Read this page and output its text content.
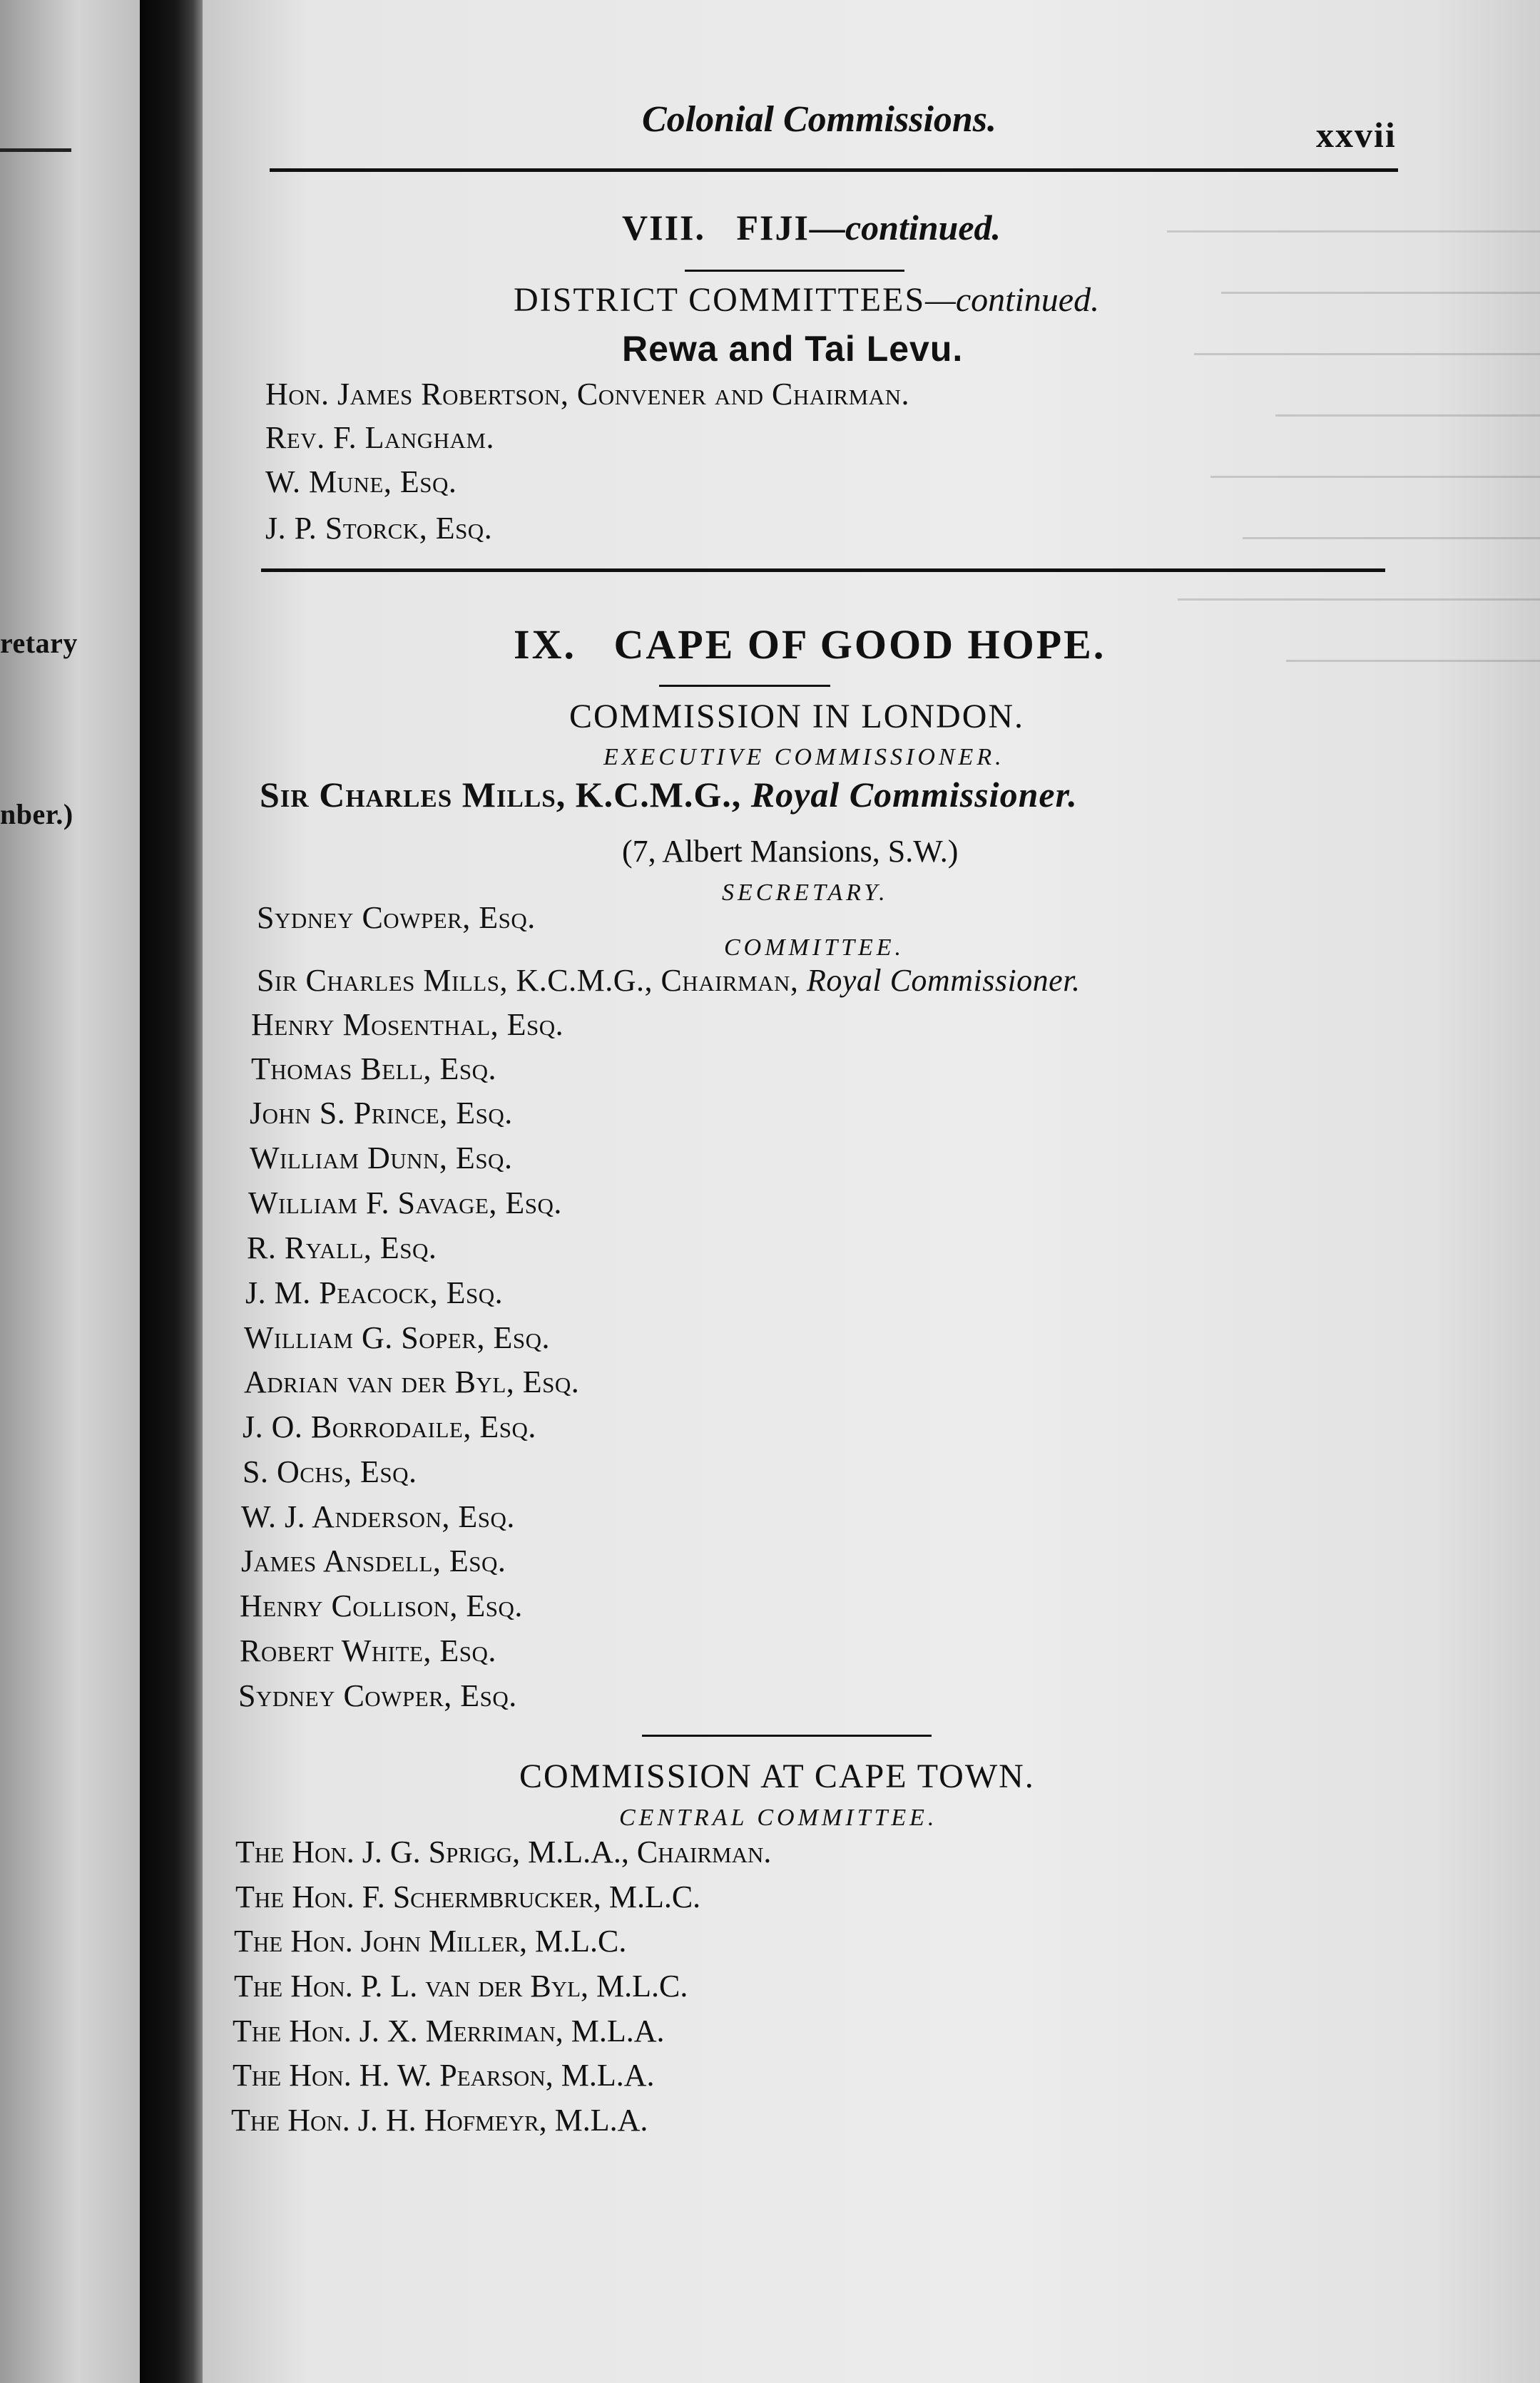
retary
nber.)
Colonial Commissions.	xxvii
VIII. FIJI—continued.
DISTRICT COMMITTEES—continued.
Rewa and Tai Levu.
Hon. James Robertson, Convener and Chairman.
Rev. F. Langham.
W. Mune, Esq.
J. P. Storck, Esq.
IX. CAPE OF GOOD HOPE.
COMMISSION IN LONDON.
EXECUTIVE COMMISSIONER.
Sir Charles Mills, K.C.M.G., Royal Commissioner.
(7, Albert Mansions, S.W.)
SECRETARY.
Sydney Cowper, Esq.
COMMITTEE.
Sir Charles Mills, K.C.M.G., Chairman, Royal Commissioner.
Henry Mosenthal, Esq.
Thomas Bell, Esq.
John S. Prince, Esq.
William Dunn, Esq.
William F. Savage, Esq.
R. Ryall, Esq.
J. M. Peacock, Esq.
William G. Soper, Esq.
Adrian van der Byl, Esq.
J. O. Borrodaile, Esq.
S. Ochs, Esq.
W. J. Anderson, Esq.
James Ansdell, Esq.
Henry Collison, Esq.
Robert White, Esq.
Sydney Cowper, Esq.
COMMISSION AT CAPE TOWN.
CENTRAL COMMITTEE.
The Hon. J. G. Sprigg, M.L.A., Chairman.
The Hon. F. Schermbrucker, M.L.C.
The Hon. John Miller, M.L.C.
The Hon. P. L. van der Byl, M.L.C.
The Hon. J. X. Merriman, M.L.A.
The Hon. H. W. Pearson, M.L.A.
The Hon. J. H. Hofmeyr, M.L.A.
